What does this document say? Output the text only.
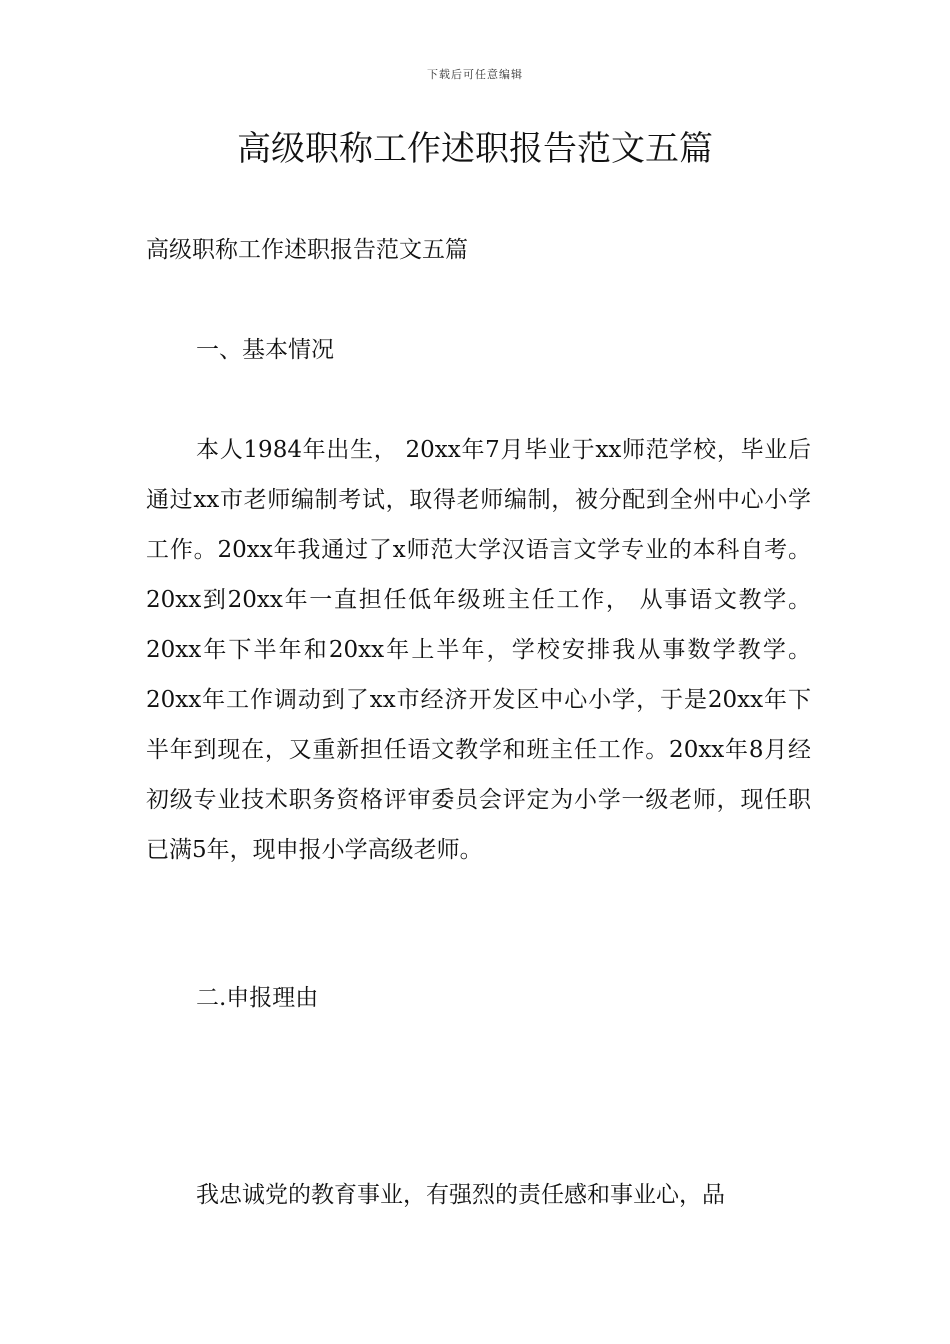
下载后可任意编辑
高级职称工作述职报告范文五篇

高级职称工作述职报告范文五篇

一、基本情况

本人1984年出生， 20xx年7月毕业于xx师范学校，毕业后通过xx市老师编制考试，取得老师编制，被分配到全州中心小学工作。20xx年我通过了x师范大学汉语言文学专业的本科自考。20xx到20xx年一直担任低年级班主任工作， 从事语文教学。20xx年下半年和20xx年上半年，学校安排我从事数学教学。20xx年工作调动到了xx市经济开发区中心小学，于是20xx年下半年到现在，又重新担任语文教学和班主任工作。20xx年8月经初级专业技术职务资格评审委员会评定为小学一级老师，现任职已满5年，现申报小学高级老师。

二.申报理由

我忠诚党的教育事业，有强烈的责任感和事业心，品
